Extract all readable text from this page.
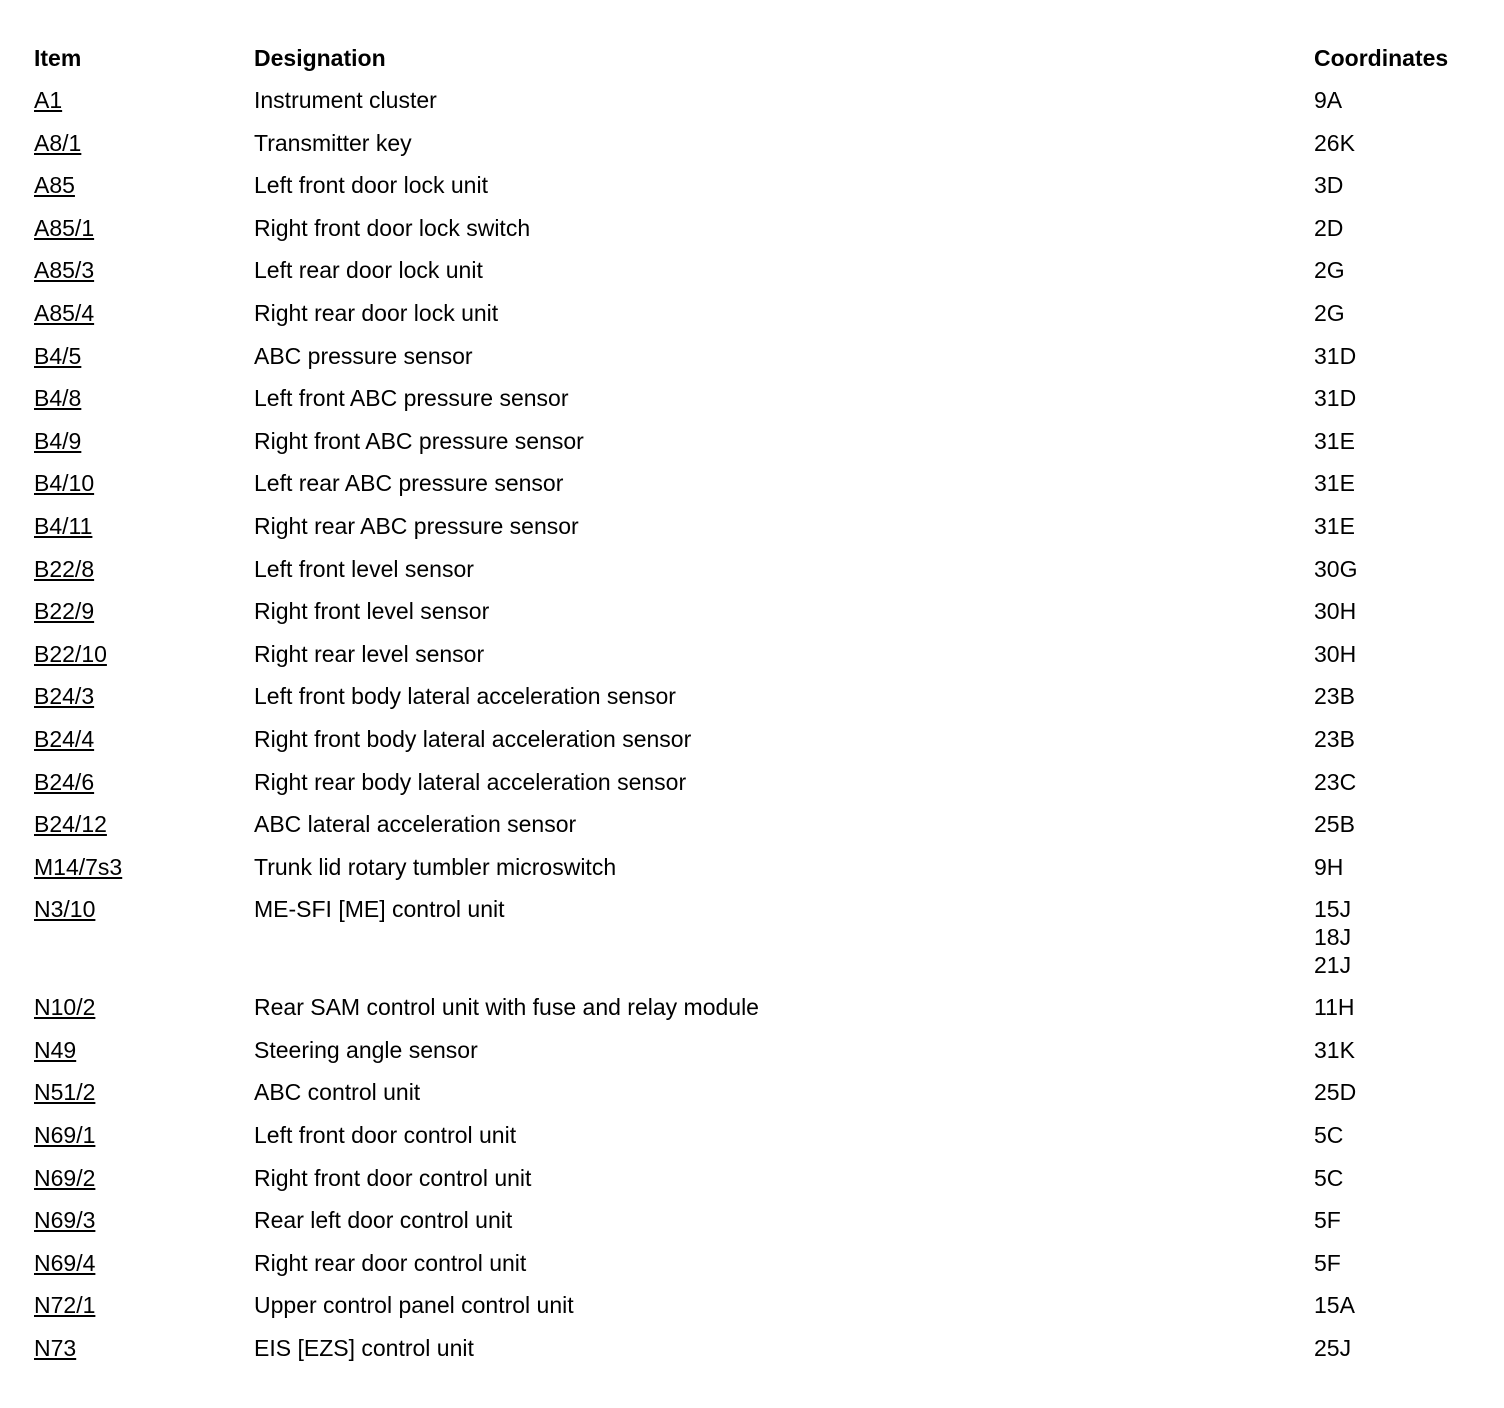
Item	Designation	Coordinates
A1	Instrument cluster	9A
A8/1	Transmitter key	26K
A85	Left front door lock unit	3D
A85/1	Right front door lock switch	2D
A85/3	Left rear door lock unit	2G
A85/4	Right rear door lock unit	2G
B4/5	ABC pressure sensor	31D
B4/8	Left front ABC pressure sensor	31D
B4/9	Right front ABC pressure sensor	31E
B4/10	Left rear ABC pressure sensor	31E
B4/11	Right rear ABC pressure sensor	31E
B22/8	Left front level sensor	30G
B22/9	Right front level sensor	30H
B22/10	Right rear level sensor	30H
B24/3	Left front body lateral acceleration sensor	23B
B24/4	Right front body lateral acceleration sensor	23B
B24/6	Right rear body lateral acceleration sensor	23C
B24/12	ABC lateral acceleration sensor	25B
M14/7s3	Trunk lid rotary tumbler microswitch	9H
N3/10	ME-SFI [ME] control unit	15J
18J
21J
N10/2	Rear SAM control unit with fuse and relay module	11H
N49	Steering angle sensor	31K
N51/2	ABC control unit	25D
N69/1	Left front door control unit	5C
N69/2	Right front door control unit	5C
N69/3	Rear left door control unit	5F
N69/4	Right rear door control unit	5F
N72/1	Upper control panel control unit	15A
N73	EIS [EZS] control unit	25J
